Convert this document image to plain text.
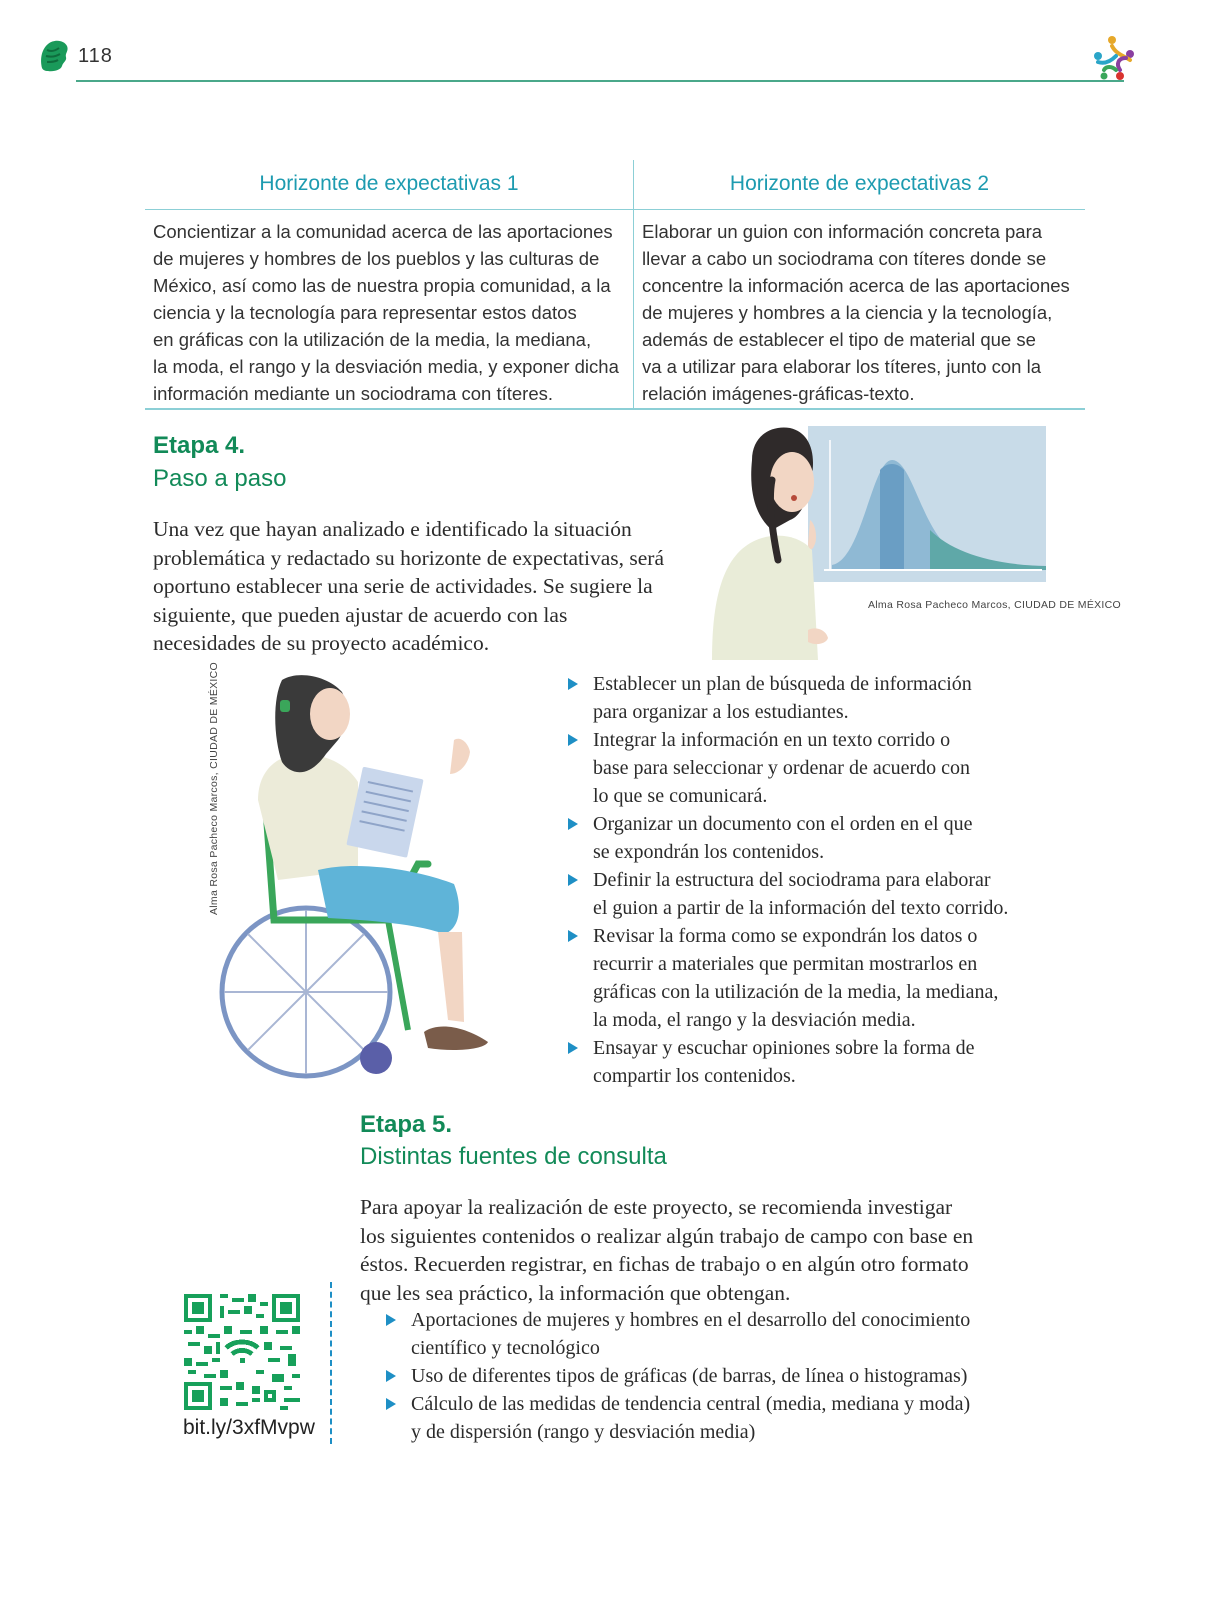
118
Horizonte de expectativas 1
Concientizar a la comunidad acerca de las aportaciones
de mujeres y hombres de los pueblos y las culturas de
México, así como las de nuestra propia comunidad, a la
ciencia y la tecnología para representar estos datos
en gráficas con la utilización de la media, la mediana,
la moda, el rango y la desviación media, y exponer dicha
información mediante un sociodrama con títeres.
Horizonte de expectativas 2
Elaborar un guion con información concreta para
llevar a cabo un sociodrama con títeres donde se
concentre la información acerca de las aportaciones
de mujeres y hombres a la ciencia y la tecnología,
además de establecer el tipo de material que se
va a utilizar para elaborar los títeres, junto con la
relación imágenes-gráficas-texto.
Etapa 4.
Paso a paso
Una vez que hayan analizado e identificado la situación
problemática y redactado su horizonte de expectativas, será
oportuno establecer una serie de actividades. Se sugiere la
siguiente, que pueden ajustar de acuerdo con las
necesidades de su proyecto académico.
Alma Rosa Pacheco Marcos, CIUDAD DE MÉXICO
Alma Rosa Pacheco Marcos, CIUDAD DE MÉXICO	Establecer un plan de búsqueda de información
para organizar a los estudiantes.
Integrar la información en un texto corrido o
base para seleccionar y ordenar de acuerdo con
lo que se comunicará.
Organizar un documento con el orden en el que
se expondrán los contenidos.
Definir la estructura del sociodrama para elaborar
el guion a partir de la información del texto corrido.
Revisar la forma como se expondrán los datos o
recurrir a materiales que permitan mostrarlos en
gráficas con la utilización de la media, la mediana,
la moda, el rango y la desviación media.
Ensayar y escuchar opiniones sobre la forma de
compartir los contenidos.
Etapa 5.
Distintas fuentes de consulta
Para apoyar la realización de este proyecto, se recomienda investigar
los siguientes contenidos o realizar algún trabajo de campo con base en
éstos. Recuerden registrar, en fichas de trabajo o en algún otro formato
que les sea práctico, la información que obtengan.
Aportaciones de mujeres y hombres en el desarrollo del conocimiento
científico y tecnológico
Uso de diferentes tipos de gráficas (de barras, de línea o histogramas)
Cálculo de las medidas de tendencia central (media, mediana y moda)
y de dispersión (rango y desviación media)
bit.ly/3xfMvpw
